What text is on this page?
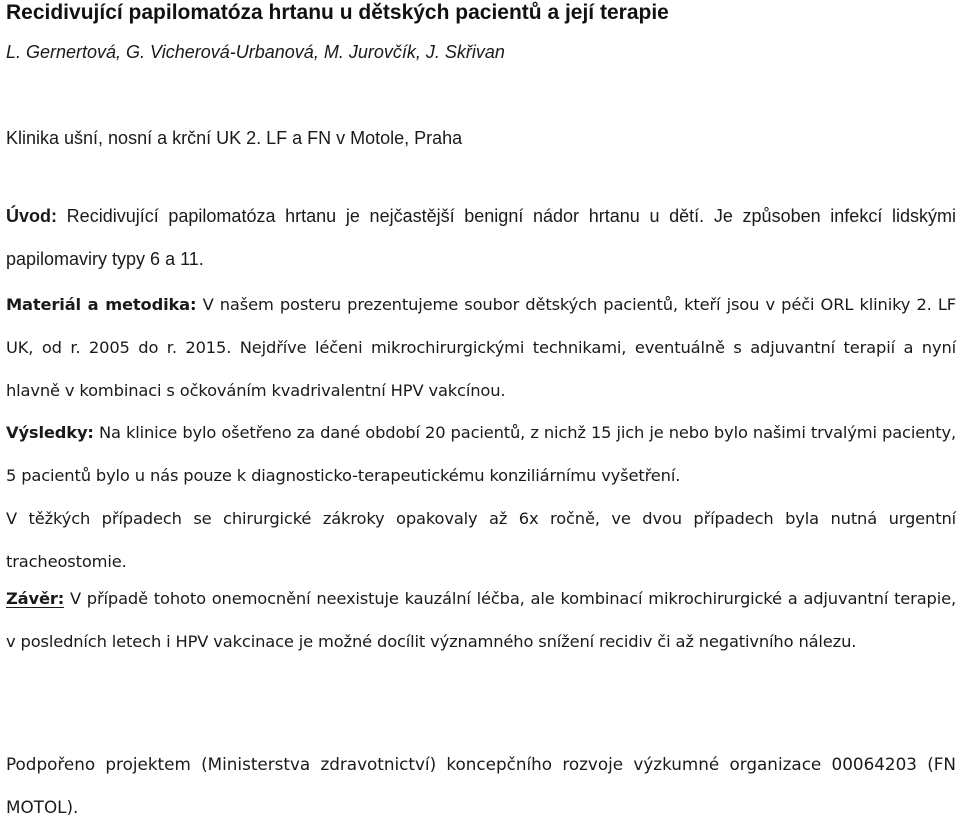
Recidivující papilomatóza hrtanu u dětských pacientů a její terapie
L. Gernertová, G. Vicherová-Urbanová, M. Jurovčík, J. Skřivan
Klinika ušní, nosní a krční UK 2. LF a FN v Motole, Praha
Úvod: Recidivující papilomatóza hrtanu je nejčastější benigní nádor hrtanu u dětí. Je způsoben infekcí lidskými papilomaviry typy 6 a 11.
Materiál a metodika: V našem posteru prezentujeme soubor dětských pacientů, kteří jsou v péči ORL kliniky 2. LF UK, od r. 2005 do r. 2015. Nejdříve léčeni mikrochirurgickými technikami, eventuálně s adjuvantní terapií a nyní hlavně v kombinaci s očkováním kvadrivalentní HPV vakcínou.
Výsledky: Na klinice bylo ošetřeno za dané období 20 pacientů, z nichž 15 jich je nebo bylo našimi trvalými pacienty, 5 pacientů bylo u nás pouze k diagnosticko-terapeutickému konziliárnímu vyšetření.
V těžkých případech se chirurgické zákroky opakovaly až 6x ročně, ve dvou případech byla nutná urgentní tracheostomie.
Závěr: V případě tohoto onemocnění neexistuje kauzální léčba, ale kombinací mikrochirurgické a adjuvantní terapie, v posledních letech i HPV vakcinace je možné docílit významného snížení recidiv či až negativního nálezu.
Podpořeno projektem (Ministerstva zdravotnictví) koncepčního rozvoje výzkumné organizace 00064203 (FN MOTOL).
